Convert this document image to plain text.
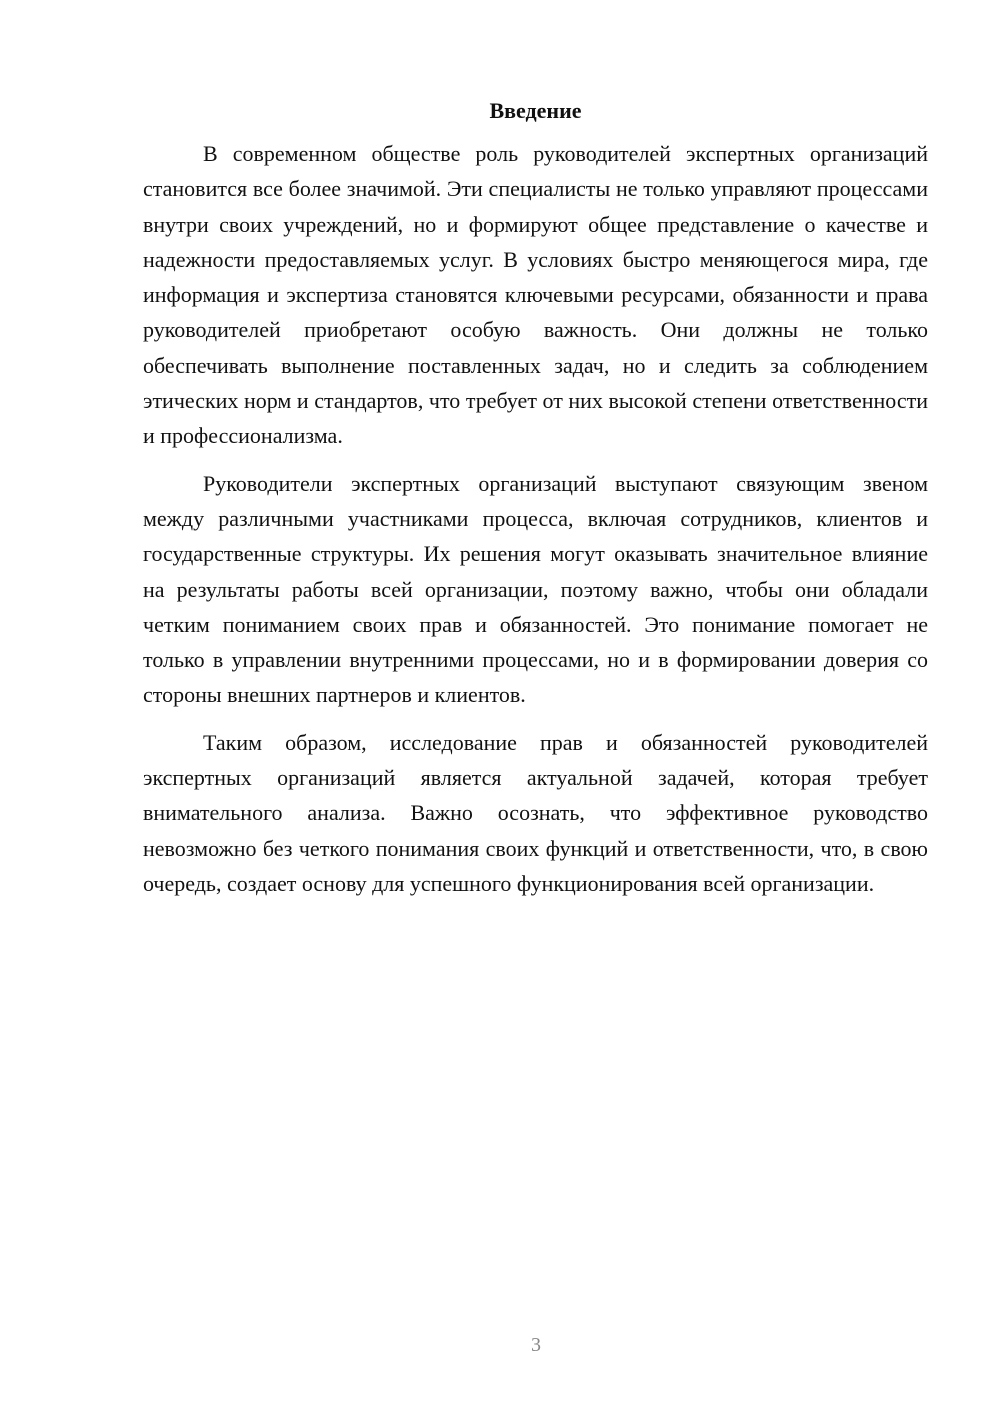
Введение

В современном обществе роль руководителей экспертных организаций становится все более значимой. Эти специалисты не только управляют процессами внутри своих учреждений, но и формируют общее представление о качестве и надежности предоставляемых услуг. В условиях быстро меняющегося мира, где информация и экспертиза становятся ключевыми ресурсами, обязанности и права руководителей приобретают особую важность. Они должны не только обеспечивать выполнение поставленных задач, но и следить за соблюдением этических норм и стандартов, что требует от них высокой степени ответственности и профессионализма.

Руководители экспертных организаций выступают связующим звеном между различными участниками процесса, включая сотрудников, клиентов и государственные структуры. Их решения могут оказывать значительное влияние на результаты работы всей организации, поэтому важно, чтобы они обладали четким пониманием своих прав и обязанностей. Это понимание помогает не только в управлении внутренними процессами, но и в формировании доверия со стороны внешних партнеров и клиентов.

Таким образом, исследование прав и обязанностей руководителей экспертных организаций является актуальной задачей, которая требует внимательного анализа. Важно осознать, что эффективное руководство невозможно без четкого понимания своих функций и ответственности, что, в свою очередь, создает основу для успешного функционирования всей организации.

3
